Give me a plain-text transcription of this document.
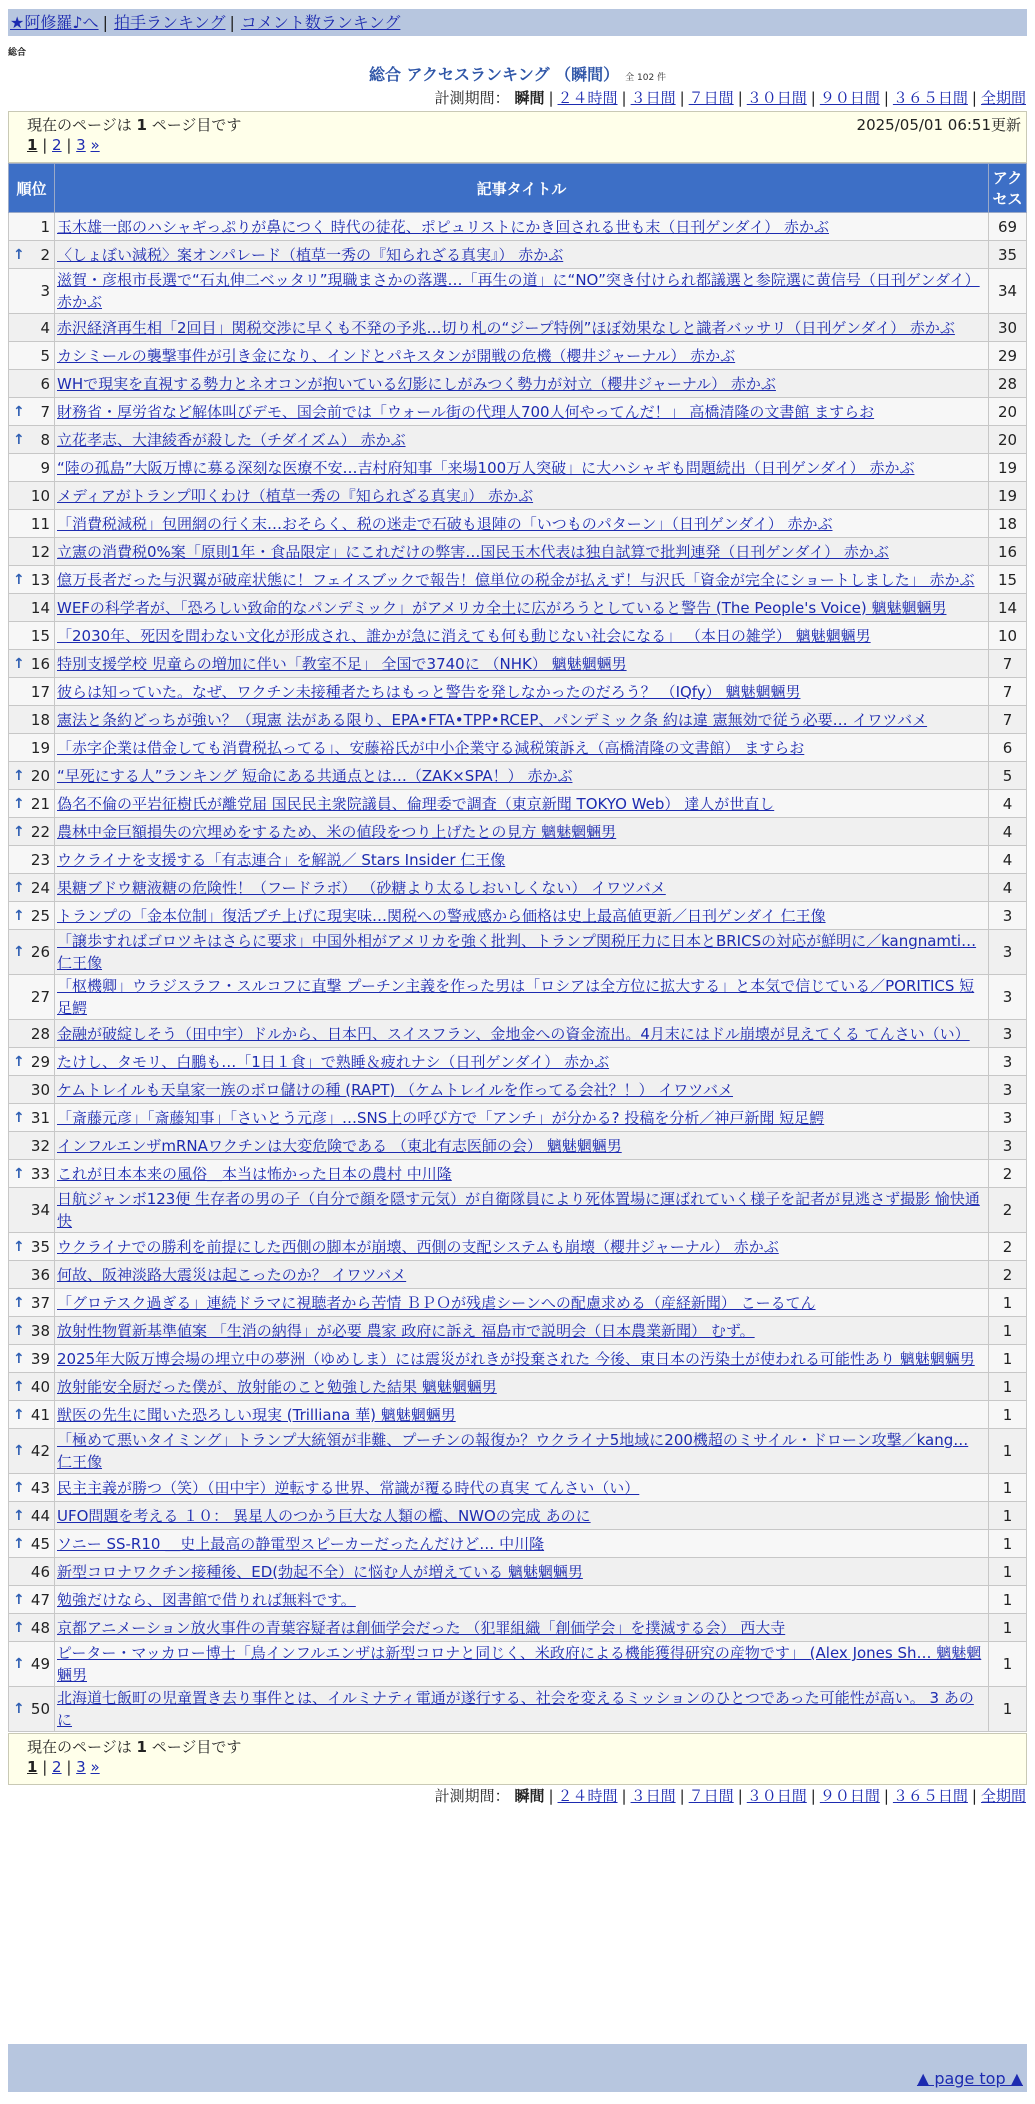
★阿修羅♪へ | 拍手ランキング | コメント数ランキング
総合
総合 アクセスランキング （瞬間） 全 102 件
計測期間： 瞬間 | ２４時間 | ３日間 | ７日間 | ３０日間 | ９０日間 | ３６５日間 | 全期間
現在のページは 1 ページ目です	2025/05/01 06:51更新
1 | 2 | 3 »
順位	記事タイトル	アクセス
1	玉木雄一郎のハシャギっぷりが鼻につく 時代の徒花、ポピュリストにかき回される世も末（日刊ゲンダイ） 赤かぶ	69

↑ 2	〈しょぼい減税〉案オンパレード（植草一秀の『知られざる真実』） 赤かぶ	35
3	滋賀・彦根市長選で“石丸伸二ベッタリ”現職まさかの落選…「再生の道」に“NO”突き付けられ都議選と参院選に黄信号（日刊ゲンダイ） 赤かぶ	34
4	赤沢経済再生相「2回目」関税交渉に早くも不発の予兆…切り札の“ジープ特例”ほぼ効果なしと識者バッサリ（日刊ゲンダイ） 赤かぶ	30
5	カシミールの襲撃事件が引き金になり、インドとパキスタンが開戦の危機（櫻井ジャーナル） 赤かぶ	29
6	WHで現実を直視する勢力とネオコンが抱いている幻影にしがみつく勢力が対立（櫻井ジャーナル） 赤かぶ	28

↑ 7	財務省・厚労省など解体叫びデモ、国会前では「ウォール街の代理人700人何やってんだ！」 高橋清隆の文書館 ますらお	20

↑ 8	立花孝志、大津綾香が殺した（チダイズム） 赤かぶ	20
9	“陸の孤島”大阪万博に募る深刻な医療不安…吉村府知事「来場100万人突破」に大ハシャギも問題続出（日刊ゲンダイ） 赤かぶ	19
10	メディアがトランプ叩くわけ（植草一秀の『知られざる真実』） 赤かぶ	19
11	「消費税減税」包囲網の行く末…おそらく、税の迷走で石破も退陣の「いつものパターン」（日刊ゲンダイ） 赤かぶ	18
12	立憲の消費税0%案「原則1年・食品限定」にこれだけの弊害…国民玉木代表は独自試算で批判連発（日刊ゲンダイ） 赤かぶ	16

↑ 13	億万長者だった与沢翼が破産状態に！フェイスブックで報告！億単位の税金が払えず！与沢氏「資金が完全にショートしました」 赤かぶ	15
14	WEFの科学者が、「恐ろしい致命的なパンデミック」がアメリカ全土に広がろうとしていると警告 (The People's Voice) 魑魅魍魎男	14
15	「2030年、死因を問わない文化が形成され、誰かが急に消えても何も動じない社会になる」 （本日の雑学） 魑魅魍魎男	10

↑ 16	特別支援学校 児童らの増加に伴い「教室不足」 全国で3740に （NHK） 魑魅魍魎男	7
17	彼らは知っていた。なぜ、ワクチン未接種者たちはもっと警告を発しなかったのだろう？ （IQfy） 魑魅魍魎男	7
18	憲法と条約どっちが強い？（現憲 法がある限り、EPA•FTA•TPP•RCEP、パンデミック条 約は違 憲無効で従う必要… イワツバメ	7
19	「赤字企業は借金しても消費税払ってる」、安藤裕氏が中小企業守る減税策訴え（高橋清隆の文書館） ますらお	6

↑ 20	“早死にする人”ランキング 短命にある共通点とは…（ZAK×SPA！） 赤かぶ	5

↑ 21	偽名不倫の平岩征樹氏が離党届 国民民主衆院議員、倫理委で調査（東京新聞 TOKYO Web） 達人が世直し	4

↑ 22	農林中金巨額損失の穴埋めをするため、米の値段をつり上げたとの見方 魑魅魍魎男	4
23	ウクライナを支援する「有志連合」を解説／ Stars Insider 仁王像	4

↑ 24	果糖ブドウ糖液糖の危険性！（フードラボ） （砂糖より太るしおいしくない） イワツバメ	4

↑ 25	トランプの「金本位制」復活ブチ上げに現実味…関税への警戒感から価格は史上最高値更新／日刊ゲンダイ 仁王像	3

↑ 26	「譲歩すればゴロツキはさらに要求」中国外相がアメリカを強く批判、トランプ関税圧力に日本とBRICSの対応が鮮明に／kangnamti… 仁王像	3
27	「枢機卿」ウラジスラフ・スルコフに直撃 プーチン主義を作った男は「ロシアは全方位に拡大する」と本気で信じている／PORITICS 短足鰐	3
28	金融が破綻しそう（田中宇）ドルから、日本円、スイスフラン、金地金への資金流出。4月末にはドル崩壊が見えてくる てんさい（い）	3

↑ 29	たけし、タモリ、白鵬も…「1日１食」で熟睡＆疲れナシ（日刊ゲンダイ） 赤かぶ	3
30	ケムトレイルも天皇家一族のボロ儲けの種 (RAPT) （ケムトレイルを作ってる会社？！） イワツバメ	3

↑ 31	「斎藤元彦」「斎藤知事」「さいとう元彦」…SNS上の呼び方で「アンチ」が分かる? 投稿を分析／神戸新聞 短足鰐	3
32	インフルエンザmRNAワクチンは大変危険である （東北有志医師の会） 魑魅魍魎男	3

↑ 33	これが日本本来の風俗＿本当は怖かった日本の農村 中川隆	2
34	日航ジャンボ123便 生存者の男の子（自分で顔を隠す元気）が自衛隊員により死体置場に運ばれていく様子を記者が見逃さず撮影 愉快通快	2

↑ 35	ウクライナでの勝利を前提にした西側の脚本が崩壊、西側の支配システムも崩壊（櫻井ジャーナル） 赤かぶ	2
36	何故、阪神淡路大震災は起こったのか？ イワツバメ	2

↑ 37	「グロテスク過ぎる」連続ドラマに視聴者から苦情 ＢＰＯが残虐シーンへの配慮求める（産経新聞） こーるてん	1

↑ 38	放射性物質新基準値案 「生消の納得」が必要 農家 政府に訴え 福島市で説明会（日本農業新聞） むず。	1

↑ 39	2025年大阪万博会場の埋立中の夢洲（ゆめしま）には震災がれきが投棄された 今後、東日本の汚染土が使われる可能性あり 魑魅魍魎男	1

↑ 40	放射能安全厨だった僕が、放射能のこと勉強した結果 魑魅魍魎男	1

↑ 41	獣医の先生に聞いた恐ろしい現実 (Trilliana 華) 魑魅魍魎男	1

↑ 42	「極めて悪いタイミング」トランプ大統領が非難、プーチンの報復か？ウクライナ5地域に200機超のミサイル・ドローン攻撃／kang… 仁王像	1

↑ 43	民主主義が勝つ（笑）（田中宇）逆転する世界、常識が覆る時代の真実 てんさい（い）	1

↑ 44	UFO問題を考える １０： 異星人のつかう巨大な人類の檻、NWOの完成 あのに	1

↑ 45	ソニー SS-R10 ＿史上最高の静電型スピーカーだったんだけど… 中川隆	1
46	新型コロナワクチン接種後、ED(勃起不全）に悩む人が増えている 魑魅魍魎男	1

↑ 47	勉強だけなら、図書館で借りれば無料です。	1

↑ 48	京都アニメーション放火事件の青葉容疑者は創価学会だった （犯罪組織「創価学会」を撲滅する会） 西大寺	1

↑ 49	ピーター・マッカロー博士「鳥インフルエンザは新型コロナと同じく、米政府による機能獲得研究の産物です」 (Alex Jones Sh… 魑魅魍魎男	1

↑ 50	北海道七飯町の児童置き去り事件とは、イルミナティ電通が遂行する、社会を変えるミッションのひとつであった可能性が高い。 3 あのに	1
現在のページは 1 ページ目です
1 | 2 | 3 »
計測期間： 瞬間 | ２４時間 | ３日間 | ７日間 | ３０日間 | ９０日間 | ３６５日間 | 全期間
▲ page top ▲
